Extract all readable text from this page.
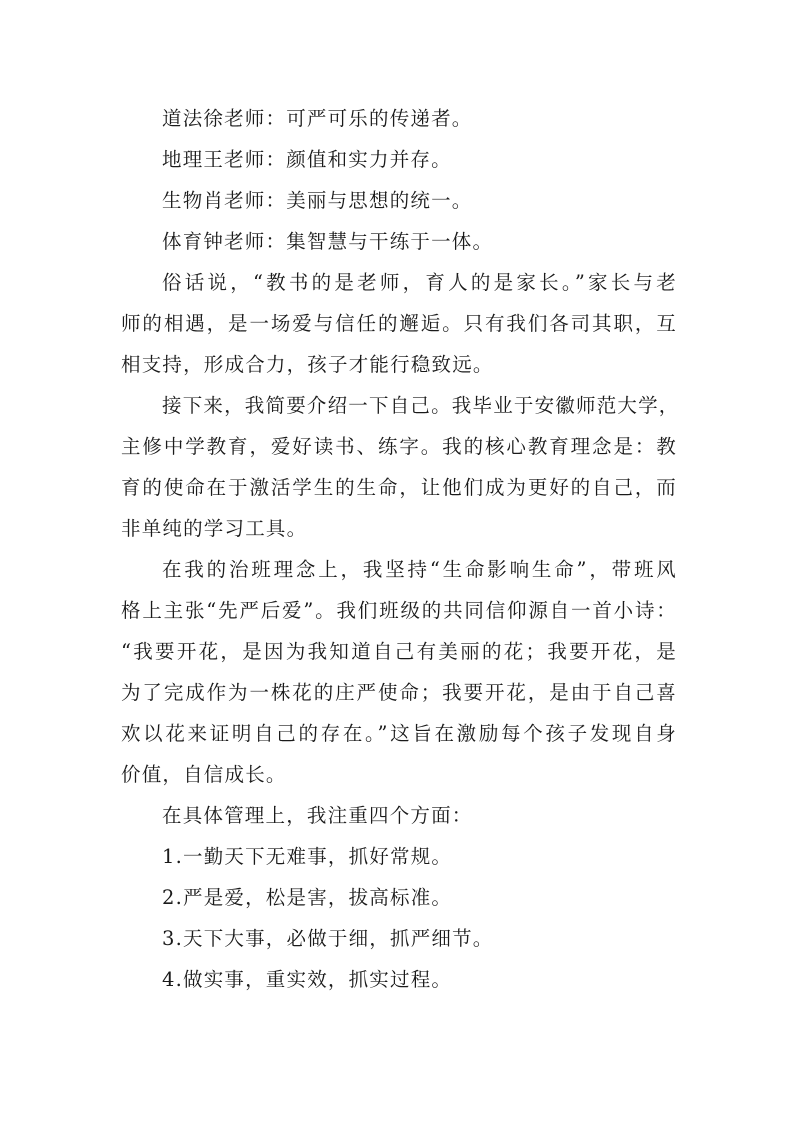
道法徐老师：可严可乐的传递者。
地理王老师：颜值和实力并存。
生物肖老师：美丽与思想的统一。
体育钟老师：集智慧与干练于一体。
俗话说，“教书的是老师，育人的是家长。”家长与老
师的相遇，是一场爱与信任的邂逅。只有我们各司其职，互
相支持，形成合力，孩子才能行稳致远。
接下来，我简要介绍一下自己。我毕业于安徽师范大学，
主修中学教育，爱好读书、练字。我的核心教育理念是：教
育的使命在于激活学生的生命，让他们成为更好的自己，而
非单纯的学习工具。
在我的治班理念上，我坚持“生命影响生命”，带班风
格上主张“先严后爱”。我们班级的共同信仰源自一首小诗：
“我要开花，是因为我知道自己有美丽的花；我要开花，是
为了完成作为一株花的庄严使命；我要开花，是由于自己喜
欢以花来证明自己的存在。”这旨在激励每个孩子发现自身
价值，自信成长。
在具体管理上，我注重四个方面：
1.一勤天下无难事，抓好常规。
2.严是爱，松是害，拔高标准。
3.天下大事，必做于细，抓严细节。
4.做实事，重实效，抓实过程。
